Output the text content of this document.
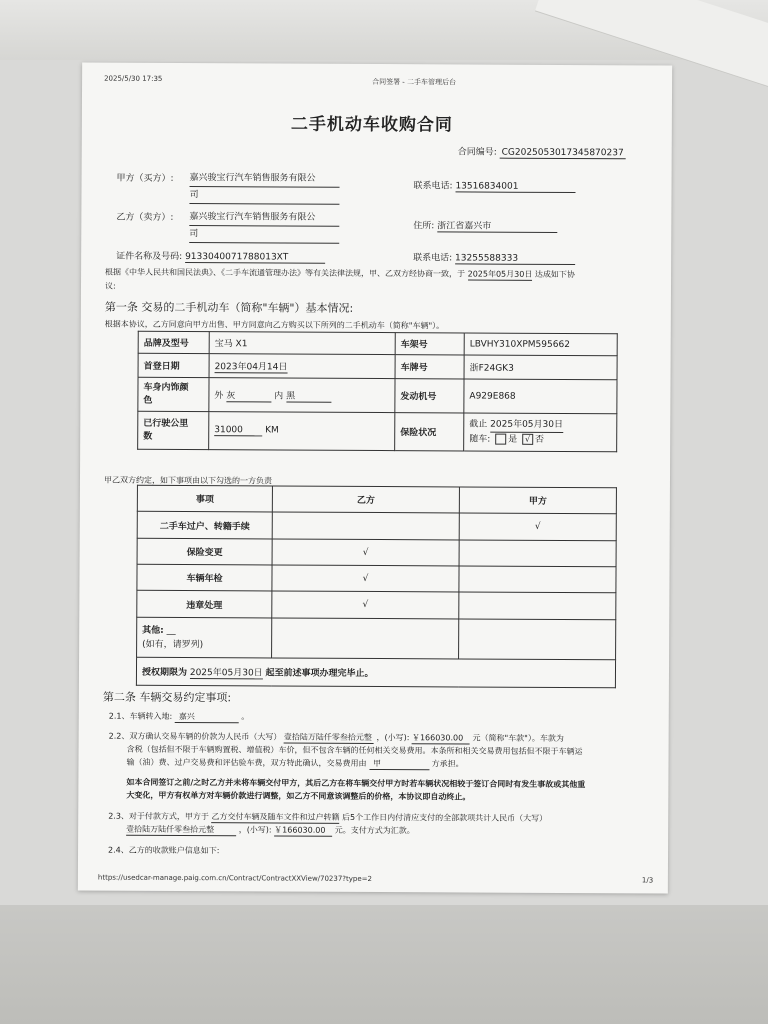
2025/5/30 17:35	合同签署 - 二手车管理后台
二手机动车收购合同
合同编号: CG2025053017345870237
甲方（买方）: 嘉兴骏宝行汽车销售服务有限公 司
联系电话: 13516834001
乙方（卖方）: 嘉兴骏宝行汽车销售服务有限公 司
住所: 浙江省嘉兴市
证件名称及号码: 9133040071788013XT	联系电话: 13255588333
根据《中华人民共和国民法典》、《二手车流通管理办法》等有关法律法规，甲、乙双方经协商一致，于 2025年05月30日 达成如下协
议:
第一条 交易的二手机动车（简称"车辆"）基本情况:
根据本协议，乙方同意向甲方出售、甲方同意向乙方购买以下所列的二手机动车（简称"车辆"）。
品牌及型号	宝马 X1	车架号	LBVHY310XPM595662
首登日期	2023年04月14日	车牌号	浙F24GK3
车身内饰颜
色	外 灰 内 黑	发动机号	A929E868
已行驶公里
数	31000 KM	保险状况	截止 2025年05月30日
随车: 是 √ 否
甲乙双方约定，如下事项由以下勾选的一方负责
事项	乙方	甲方
二手车过户、转籍手续		√
保险变更	√	
车辆年检	√	
违章处理	√	
其他: __
(如有，请罗列)		
授权期限为 2025年05月30日 起至前述事项办理完毕止。		
第二条 车辆交易约定事项:
2.1、车辆转入地: 嘉兴	。
2.2、双方确认交易车辆的价款为人民币（大写） 壹拾陆万陆仟零叁拾元整 ，(小写): ￥166030.00 元（简称"车款"）。车款为
含税（包括但不限于车辆购置税、增值税）车价，但不包含车辆的任何相关交易费用。本条所和相关交易费用包括但不限于车辆运
输（油）费、过户交易费和评估验车费，双方特此确认，交易费用由 甲	方承担。
如本合同签订之前/之时乙方并未将车辆交付甲方，其后乙方在将车辆交付甲方时若车辆状况相较于签订合同时有发生事故或其他重
大变化，甲方有权单方对车辆价款进行调整，如乙方不同意该调整后的价格，本协议即自动终止。
2.3、对于付款方式，甲方于 乙方交付车辆及随车文件和过户转籍 后5个工作日内付清应支付的全部款项共计人民币（大写）
壹拾陆万陆仟零叁拾元整	，(小写): ￥166030.00 元。支付方式为汇款。
2.4、乙方的收款账户信息如下:
https://usedcar-manage.paig.com.cn/Contract/ContractXXView/70237?type=2	1/3
